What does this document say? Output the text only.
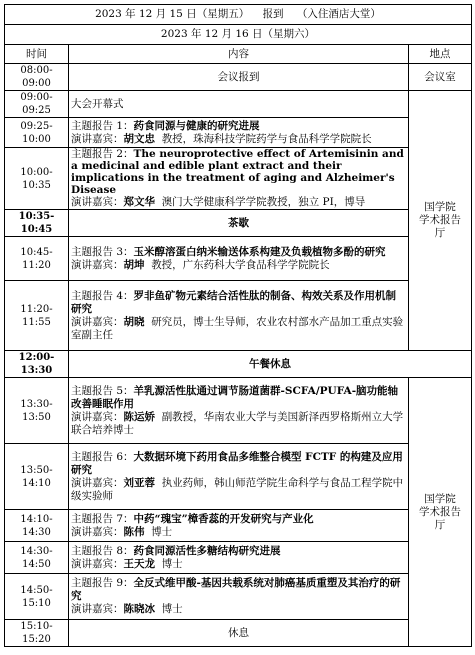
2023 年 12 月 15 日（星期五） 报到 （入住酒店大堂）		
2023 年 12 月 16 日（星期六）		
时间	内容	地点
08:00-09:00	会议报到	会议室
09:00-09:25	大会开幕式	国学院
学术报告
厅

09:25-10:00	主题报告 1：药食同源与健康的研究进展
演讲嘉宾：胡文忠 教授，珠海科技学院药学与食品科学学院院长	

10:00-10:35	主题报告 2：The neuroprotective effect of Artemisinin and a medicinal and edible plant extract and their implications in the treatment of aging and Alzheimer's Disease
演讲嘉宾：郑文华 澳门大学健康科学学院教授，独立 PI，博导	

10:35-10:45	茶歇	
10:45-11:20	主题报告 3：玉米醇溶蛋白纳米输送体系构建及负载植物多酚的研究
演讲嘉宾：胡坤 教授，广东药科大学食品科学学院院长	

11:20-11:55	主题报告 4：罗非鱼矿物元素结合活性肽的制备、构效关系及作用机制研究
演讲嘉宾：胡晓 研究员，博士生导师，农业农村部水产品加工重点实验室副主任	

12:00-13:30	午餐休息	
13:30-13:50	主题报告 5：羊乳源活性肽通过调节肠道菌群-SCFA/PUFA-脑功能轴改善睡眠作用
演讲嘉宾：陈运娇 副教授，华南农业大学与美国新泽西罗格斯州立大学联合培养博士	国学院
学术报告
厅

13:50-14:10	主题报告 6：大数据环境下药用食品多维整合模型 FCTF 的构建及应用研究
演讲嘉宾：刘亚蓉 执业药师，韩山师范学院生命科学与食品工程学院中级实验师	

14:10-14:30	主题报告 7：中药“瑰宝”樟香蕊的开发研究与产业化
演讲嘉宾：陈伟 博士	

14:30-14:50	主题报告 8：药食同源活性多糖结构研究进展
演讲嘉宾：王天龙 博士	

14:50-15:10	主题报告 9：全反式维甲酸-基因共载系统对肺癌基质重塑及其治疗的研究
演讲嘉宾：陈晓冰 博士	

15:10-15:20	休息	
